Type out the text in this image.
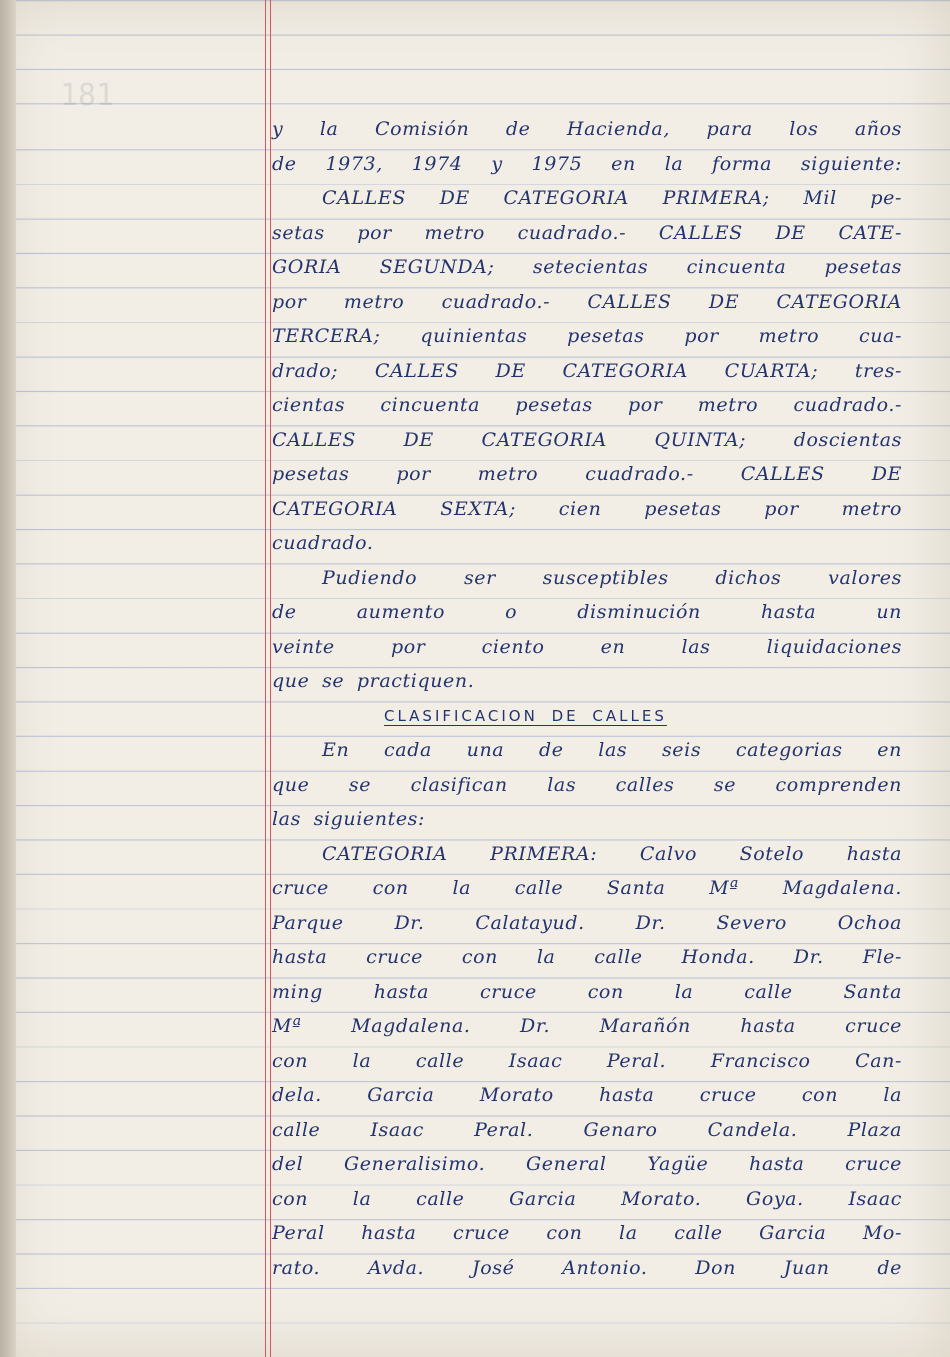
181
y la Comisión de Hacienda, para los años
de 1973, 1974 y 1975 en la forma siguiente:
CALLES DE CATEGORIA PRIMERA; Mil pe-
setas por metro cuadrado.- CALLES DE CATE-
GORIA SEGUNDA; setecientas cincuenta pesetas
por metro cuadrado.- CALLES DE CATEGORIA
TERCERA; quinientas pesetas por metro cua-
drado; CALLES DE CATEGORIA CUARTA; tres-
cientas cincuenta pesetas por metro cuadrado.-
CALLES DE CATEGORIA QUINTA; doscientas
pesetas por metro cuadrado.- CALLES DE
CATEGORIA SEXTA; cien pesetas por metro
cuadrado.
Pudiendo ser susceptibles dichos valores
de aumento o disminución hasta un
veinte por ciento en las liquidaciones
que se practiquen.
CLASIFICACION DE CALLES
En cada una de las seis categorias en
que se clasifican las calles se comprenden
las siguientes:
CATEGORIA PRIMERA: Calvo Sotelo hasta
cruce con la calle Santa Mª Magdalena.
Parque Dr. Calatayud. Dr. Severo Ochoa
hasta cruce con la calle Honda. Dr. Fle-
ming hasta cruce con la calle Santa
Mª Magdalena. Dr. Marañón hasta cruce
con la calle Isaac Peral. Francisco Can-
dela. Garcia Morato hasta cruce con la
calle Isaac Peral. Genaro Candela. Plaza
del Generalisimo. General Yagüe hasta cruce
con la calle Garcia Morato. Goya. Isaac
Peral hasta cruce con la calle Garcia Mo-
rato. Avda. José Antonio. Don Juan de
